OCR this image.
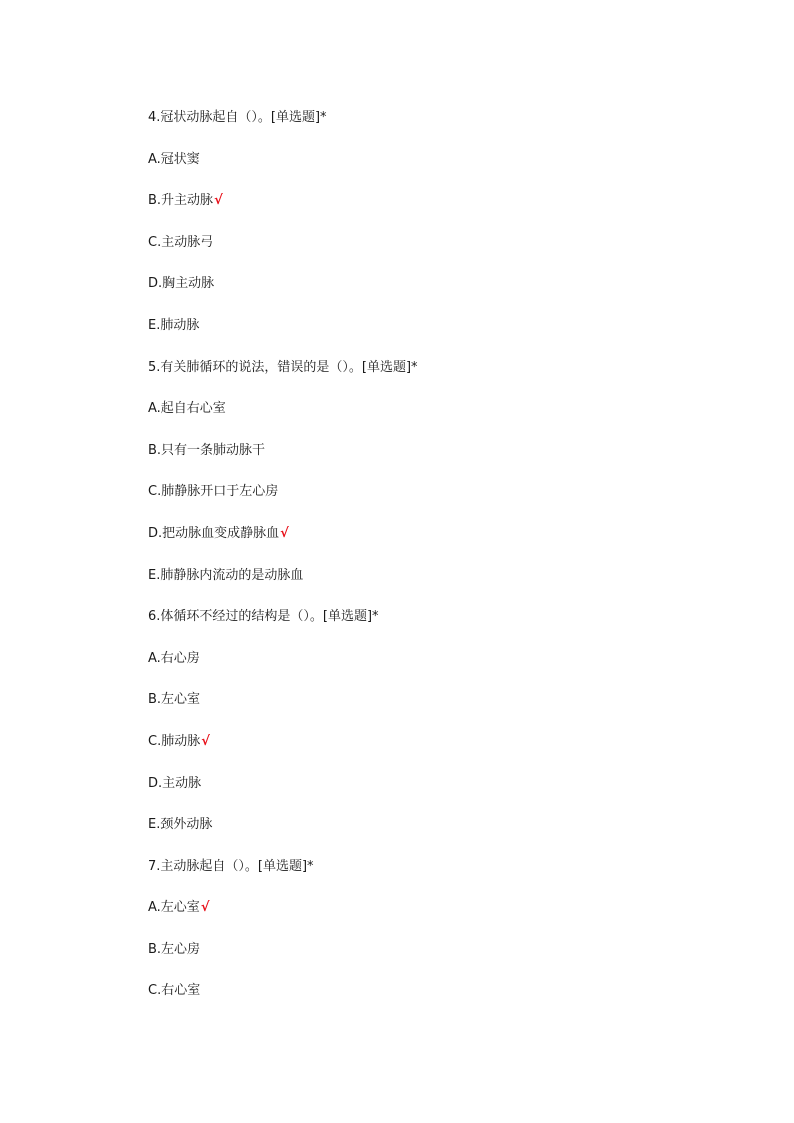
4.冠状动脉起自（）。[单选题]*
A.冠状窦
B.升主动脉√
C.主动脉弓
D.胸主动脉
E.肺动脉
5.有关肺循环的说法，错误的是（）。[单选题]*
A.起自右心室
B.只有一条肺动脉干
C.肺静脉开口于左心房
D.把动脉血变成静脉血√
E.肺静脉内流动的是动脉血
6.体循环不经过的结构是（）。[单选题]*
A.右心房
B.左心室
C.肺动脉√
D.主动脉
E.颈外动脉
7.主动脉起自（）。[单选题]*
A.左心室√
B.左心房
C.右心室
